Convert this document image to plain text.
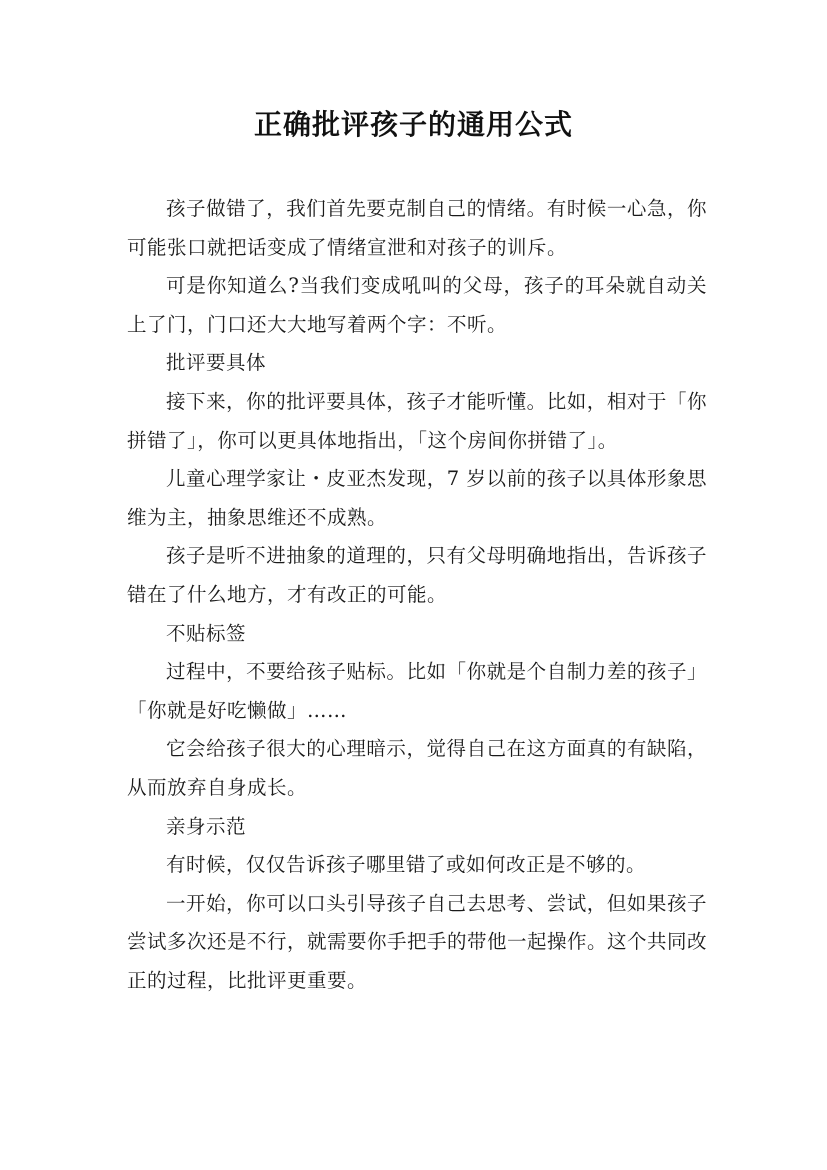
正确批评孩子的通用公式

孩子做错了，我们首先要克制自己的情绪。有时候一心急，你可能张口就把话变成了情绪宣泄和对孩子的训斥。

可是你知道么?当我们变成吼叫的父母，孩子的耳朵就自动关上了门，门口还大大地写着两个字：不听。

批评要具体

接下来，你的批评要具体，孩子才能听懂。比如，相对于「你拼错了」，你可以更具体地指出，「这个房间你拼错了」。

儿童心理学家让・皮亚杰发现，7 岁以前的孩子以具体形象思维为主，抽象思维还不成熟。

孩子是听不进抽象的道理的，只有父母明确地指出，告诉孩子错在了什么地方，才有改正的可能。

不贴标签

过程中，不要给孩子贴标。比如「你就是个自制力差的孩子」「你就是好吃懒做」……

它会给孩子很大的心理暗示，觉得自己在这方面真的有缺陷，从而放弃自身成长。

亲身示范

有时候，仅仅告诉孩子哪里错了或如何改正是不够的。

一开始，你可以口头引导孩子自己去思考、尝试，但如果孩子尝试多次还是不行，就需要你手把手的带他一起操作。这个共同改正的过程，比批评更重要。
